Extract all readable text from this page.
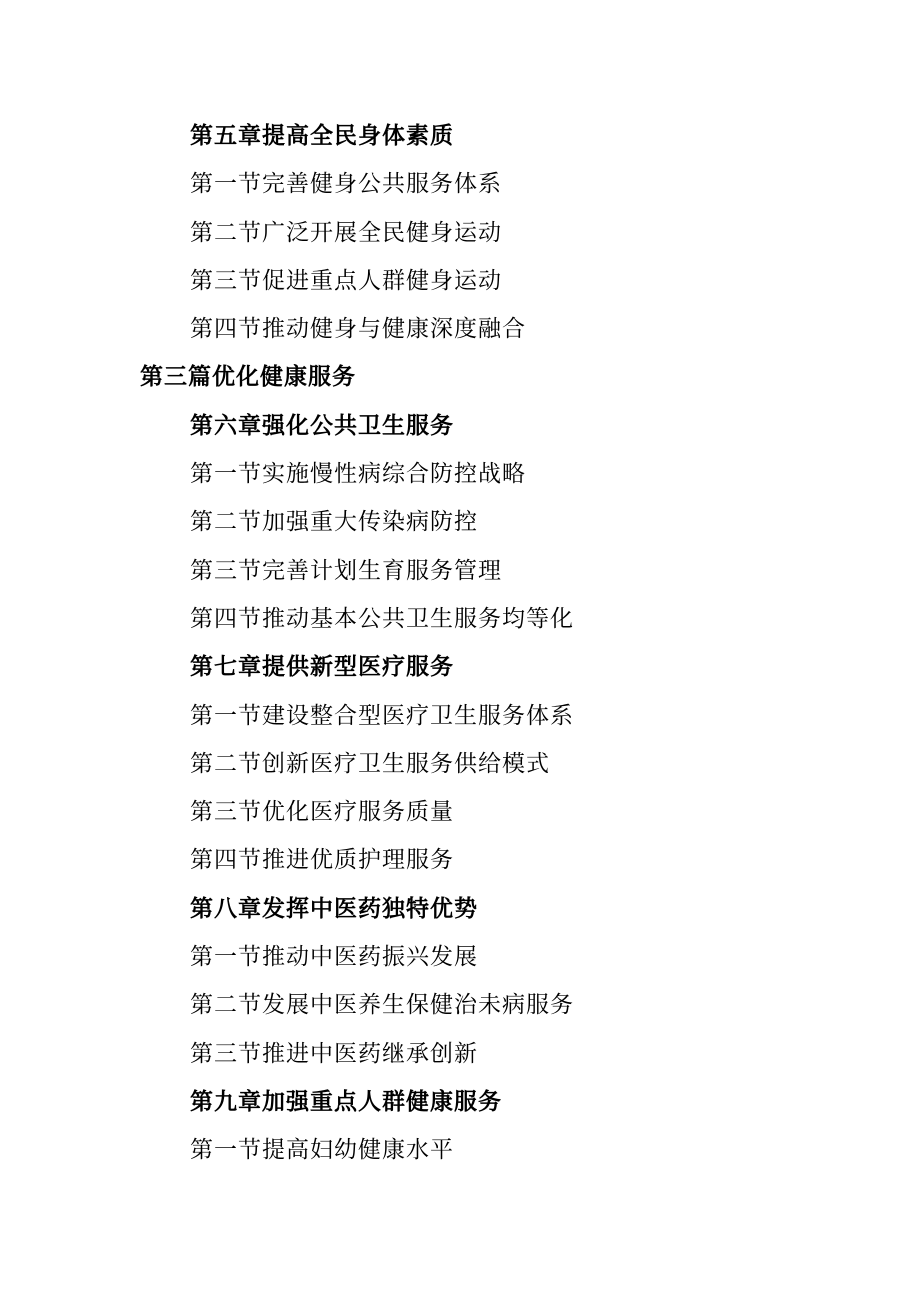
第五章提高全民身体素质
第一节完善健身公共服务体系
第二节广泛开展全民健身运动
第三节促进重点人群健身运动
第四节推动健身与健康深度融合
第三篇优化健康服务
第六章强化公共卫生服务
第一节实施慢性病综合防控战略
第二节加强重大传染病防控
第三节完善计划生育服务管理
第四节推动基本公共卫生服务均等化
第七章提供新型医疗服务
第一节建设整合型医疗卫生服务体系
第二节创新医疗卫生服务供给模式
第三节优化医疗服务质量
第四节推进优质护理服务
第八章发挥中医药独特优势
第一节推动中医药振兴发展
第二节发展中医养生保健治未病服务
第三节推进中医药继承创新
第九章加强重点人群健康服务
第一节提高妇幼健康水平
